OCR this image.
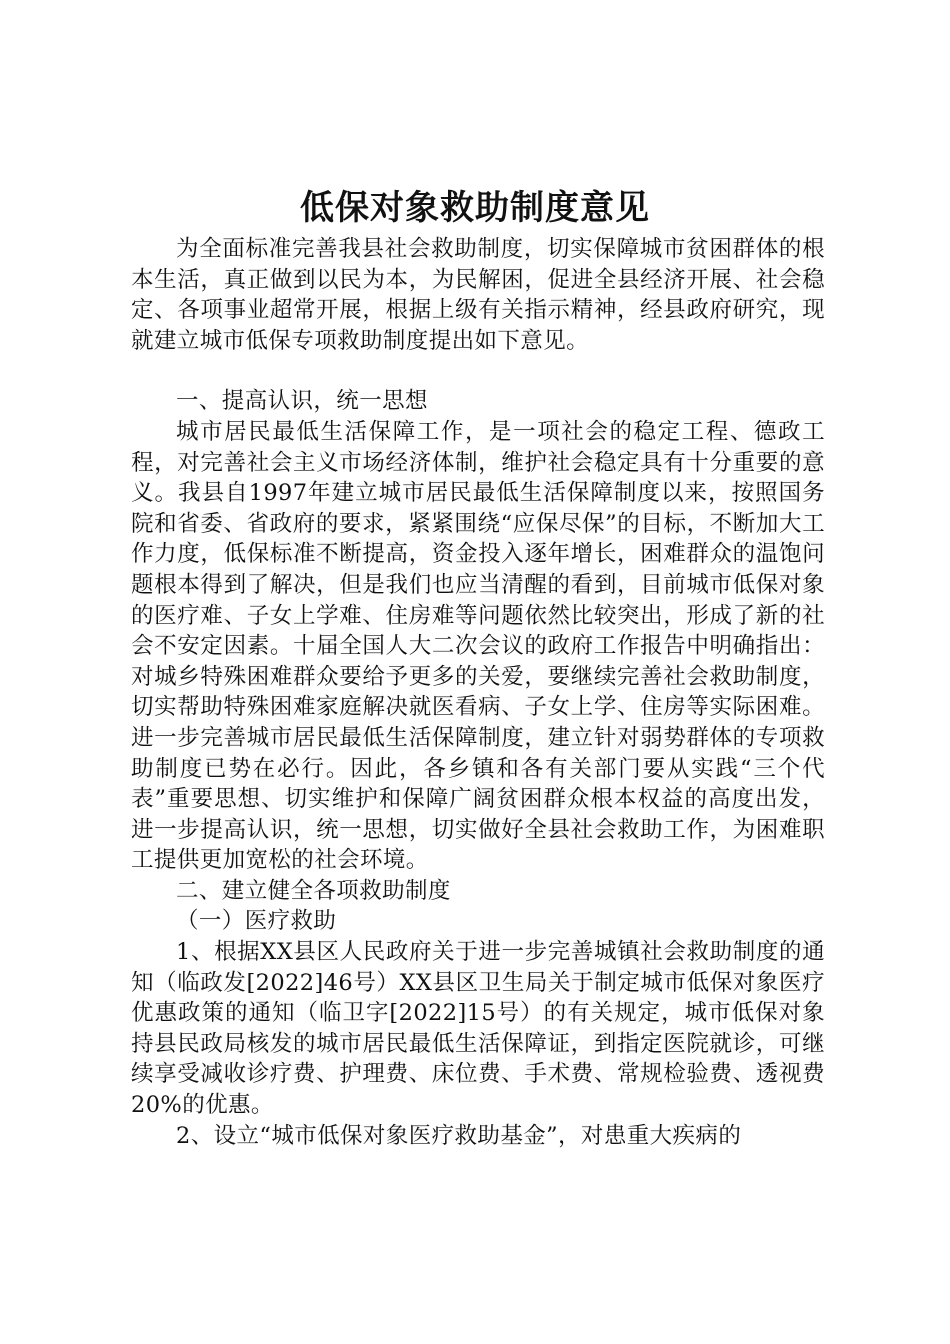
低保对象救助制度意见

为全面标准完善我县社会救助制度，切实保障城市贫困群体的根本生活，真正做到以民为本，为民解困，促进全县经济开展、社会稳定、各项事业超常开展，根据上级有关指示精神，经县政府研究，现就建立城市低保专项救助制度提出如下意见。

一、提高认识，统一思想

城市居民最低生活保障工作，是一项社会的稳定工程、德政工程，对完善社会主义市场经济体制，维护社会稳定具有十分重要的意义。我县自1997年建立城市居民最低生活保障制度以来，按照国务院和省委、省政府的要求，紧紧围绕“应保尽保”的目标，不断加大工作力度，低保标准不断提高，资金投入逐年增长，困难群众的温饱问题根本得到了解决，但是我们也应当清醒的看到，目前城市低保对象的医疗难、子女上学难、住房难等问题依然比较突出，形成了新的社会不安定因素。十届全国人大二次会议的政府工作报告中明确指出：对城乡特殊困难群众要给予更多的关爱，要继续完善社会救助制度，切实帮助特殊困难家庭解决就医看病、子女上学、住房等实际困难。进一步完善城市居民最低生活保障制度，建立针对弱势群体的专项救助制度已势在必行。因此，各乡镇和各有关部门要从实践“三个代表”重要思想、切实维护和保障广阔贫困群众根本权益的高度出发，进一步提高认识，统一思想，切实做好全县社会救助工作，为困难职工提供更加宽松的社会环境。

二、建立健全各项救助制度

（一）医疗救助

1、根据XX县区人民政府关于进一步完善城镇社会救助制度的通知（临政发[2022]46号）XX县区卫生局关于制定城市低保对象医疗优惠政策的通知（临卫字[2022]15号）的有关规定，城市低保对象持县民政局核发的城市居民最低生活保障证，到指定医院就诊，可继续享受减收诊疗费、护理费、床位费、手术费、常规检验费、透视费20%的优惠。

2、设立“城市低保对象医疗救助基金”，对患重大疾病的
